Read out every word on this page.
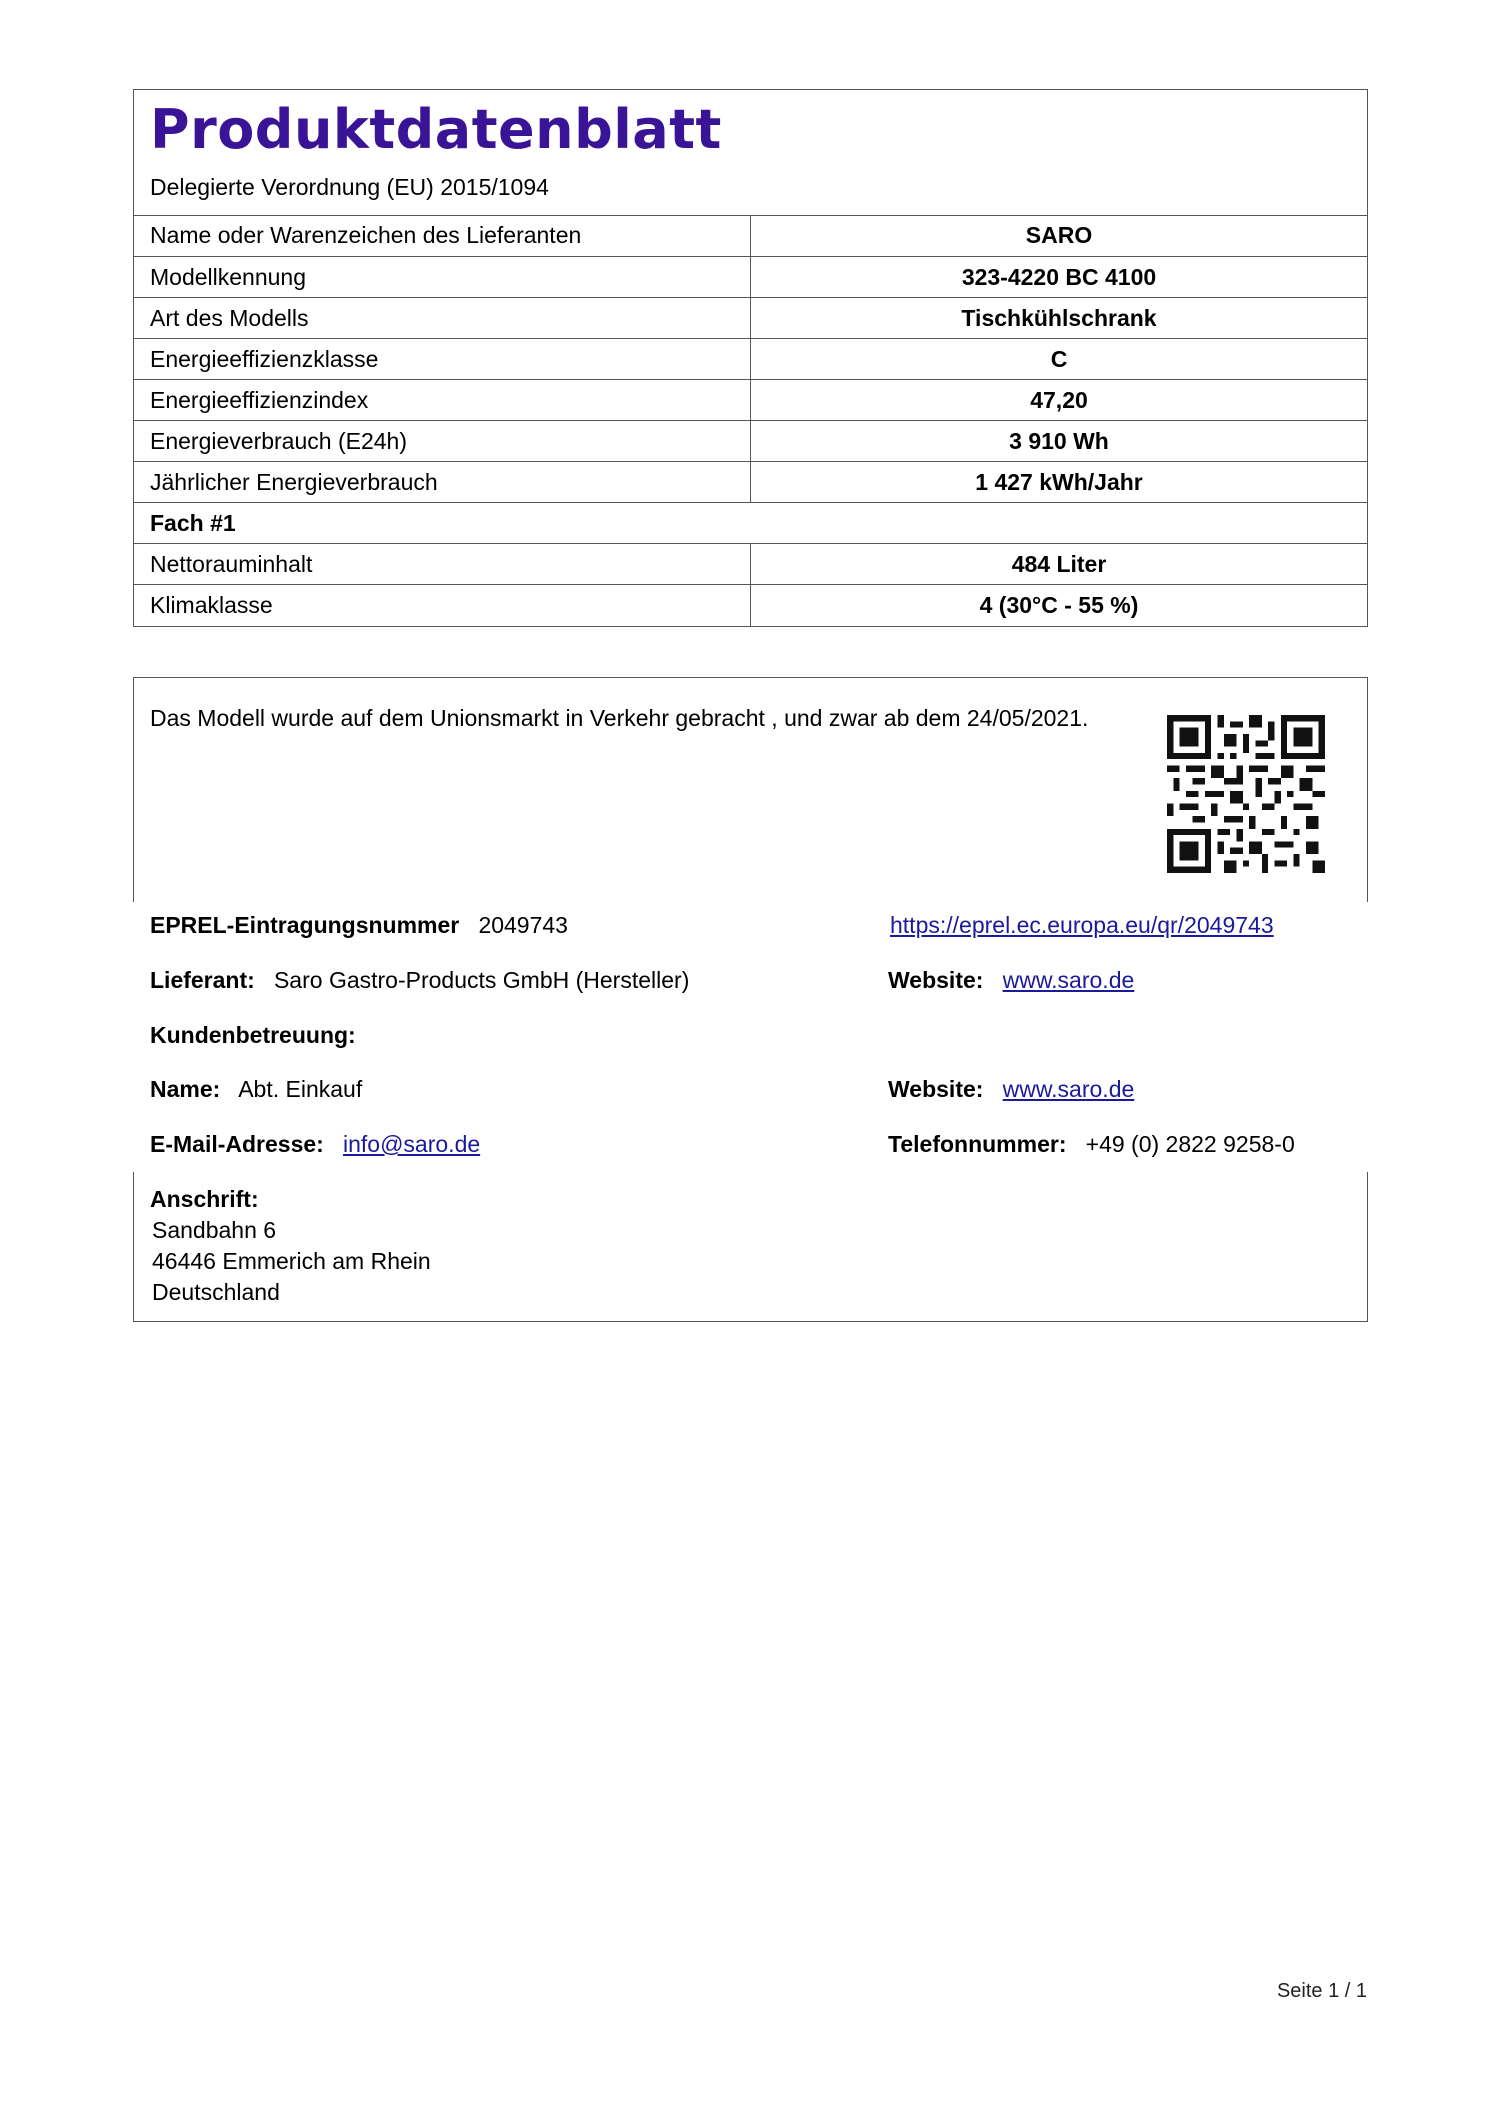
Produktdatenblatt
Delegierte Verordnung (EU) 2015/1094
Name oder Warenzeichen des Lieferanten	SARO
Modellkennung	323-4220 BC 4100
Art des Modells	Tischkühlschrank
Energieeffizienzklasse	C
Energieeffizienzindex	47,20
Energieverbrauch (E24h)	3 910 Wh
Jährlicher Energieverbrauch	1 427 kWh/Jahr
Fach #1	
Nettorauminhalt	484 Liter
Klimaklasse	4 (30°C - 55 %)
Das Modell wurde auf dem Unionsmarkt in Verkehr gebracht , und zwar ab dem 24/05/2021.
EPREL-Eintragungsnummer 2049743	https://eprel.ec.europa.eu/qr/2049743
Lieferant: Saro Gastro-Products GmbH (Hersteller)	Website: www.saro.de
Kundenbetreuung:
Name: Abt. Einkauf	Website: www.saro.de
E-Mail-Adresse: info@saro.de	Telefonnummer: +49 (0) 2822 9258-0
Anschrift:
Sandbahn 6
46446 Emmerich am Rhein
Deutschland
Seite 1 / 1
